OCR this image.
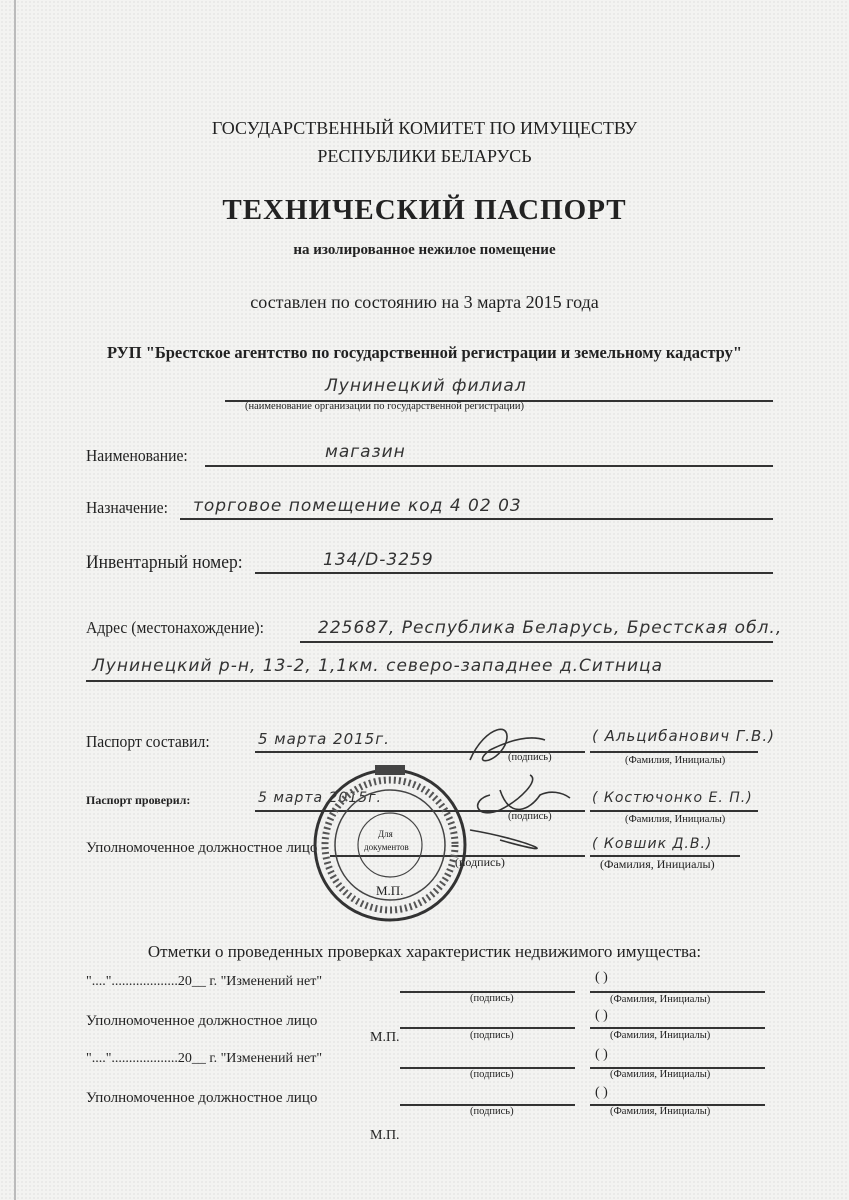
ГОСУДАРСТВЕННЫЙ КОМИТЕТ ПО ИМУЩЕСТВУ
РЕСПУБЛИКИ БЕЛАРУСЬ
ТЕХНИЧЕСКИЙ ПАСПОРТ
на изолированное нежилое помещение
составлен по состоянию на 3 марта 2015 года
РУП "Брестское агентство по государственной регистрации и земельному кадастру"
Лунинецкий филиал
(наименование организации по государственной регистрации)
Наименование:	магазин
Назначение: торговое помещение код 4 02 03
Инвентарный номер:	134/D-3259
Адрес (местонахождение):	225687, Республика Беларусь, Брестская обл.,
Лунинецкий р-н, 13-2, 1,1км. северо-западнее д.Ситница
Паспорт составил:	5 марта 2015г.
(подпись)
( Альцибанович Г.В.)
(Фамилия, Инициалы)
Паспорт проверил:	5 марта 2015г.
(подпись)
( Костючонко Е. П.)
(Фамилия, Инициалы)
Уполномоченное должностное лицо
(подпись)
( Ковшик Д.В.)
(Фамилия, Инициалы)
Для
документов
М.П.
Отметки о проведенных проверках характеристик недвижимого имущества:
"...."...................20__ г. "Изменений нет"
(подпись)
( )
(Фамилия, Инициалы)
Уполномоченное должностное лицо
(подпись)
( )
(Фамилия, Инициалы)
М.П.
"...."...................20__ г. "Изменений нет"
(подпись)
( )
(Фамилия, Инициалы)
Уполномоченное должностное лицо
(подпись)
( )
(Фамилия, Инициалы)
М.П.
